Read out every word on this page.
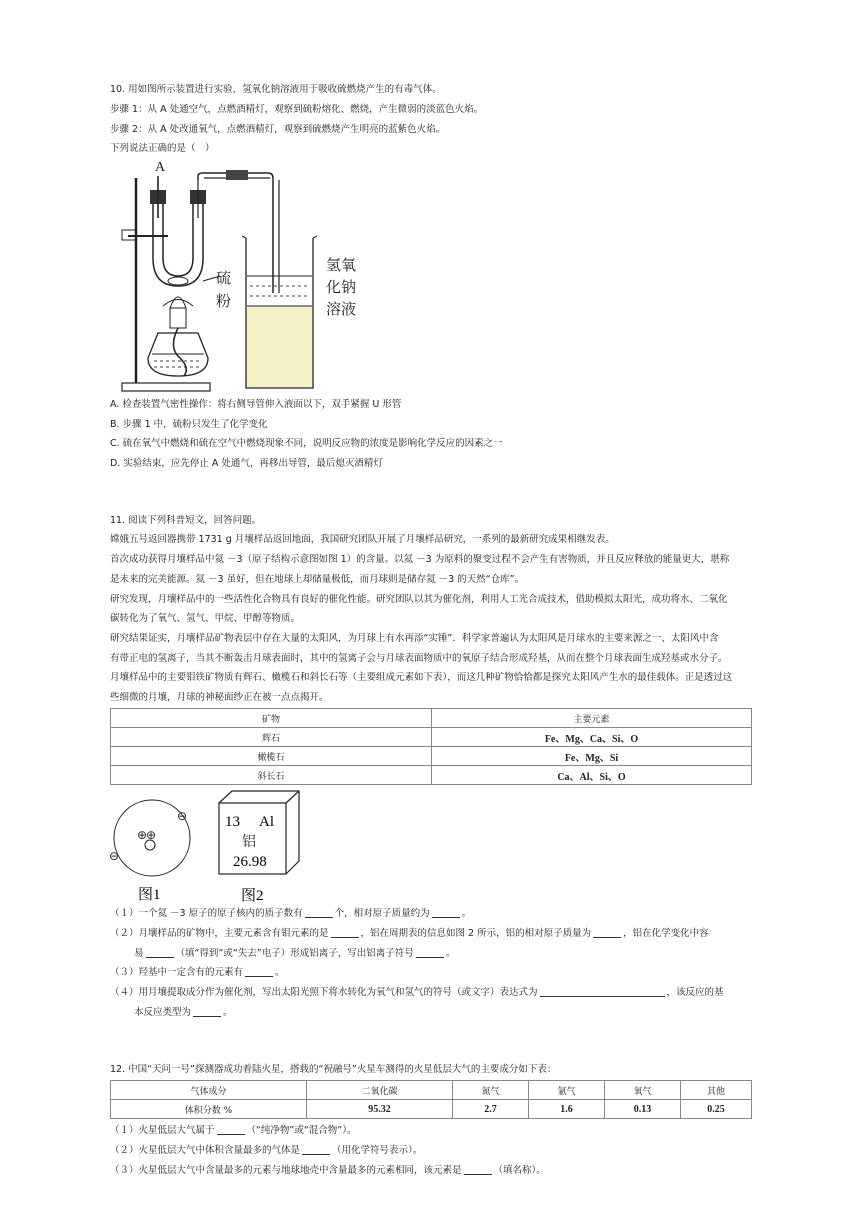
10. 用如图所示装置进行实验，氢氧化钠溶液用于吸收硫燃烧产生的有毒气体。
步骤 1：从 A 处通空气，点燃酒精灯，观察到硫粉熔化、燃烧，产生微弱的淡蓝色火焰。
步骤 2：从 A 处改通氧气，点燃酒精灯，观察到硫燃烧产生明亮的蓝紫色火焰。
下列说法正确的是（　）
A
硫
粉
氢氧
化钠
溶液
A. 检查装置气密性操作：将右侧导管伸入液面以下，双手紧握 U 形管
B. 步骤 1 中，硫粉只发生了化学变化
C. 硫在氧气中燃烧和硫在空气中燃烧现象不同，说明反应物的浓度是影响化学反应的因素之一
D. 实验结束，应先停止 A 处通气，再移出导管，最后熄灭酒精灯
11. 阅读下列科普短文，回答问题。
嫦娥五号返回器携带 1731 g 月壤样品返回地面，我国研究团队开展了月壤样品研究，一系列的最新研究成果相继发表。
首次成功获得月壤样品中氦 －3（原子结构示意图如图 1）的含量。以氦 －3 为原料的聚变过程不会产生有害物质，并且反应释放的能量更大，堪称
是未来的完美能源。氦 －3 虽好，但在地球上却储量极低，而月球则是储存氦 －3 的天然“仓库”。
研究发现，月壤样品中的一些活性化合物具有良好的催化性能。研究团队以其为催化剂，利用人工光合成技术，借助模拟太阳光，成功将水、二氧化
碳转化为了氧气、氢气、甲烷、甲醇等物质。
研究结果证实，月壤样品矿物表层中存在大量的太阳风，为月球上有水再添“实锤”．科学家普遍认为太阳风是月球水的主要来源之一、太阳风中含
有带正电的氢离子，当其不断轰击月球表面时，其中的氢离子会与月球表面物质中的氧原子结合形成羟基，从而在整个月球表面生成羟基或水分子。
月壤样品中的主要钼铁矿物质有辉石、橄榄石和斜长石等（主要组成元素如下表），而这几种矿物恰恰都是探究太阳风产生水的最佳载体。正是透过这
些细微的月壤，月球的神秘面纱正在被一点点揭开。
矿物	主要元素
辉石	Fe、Mg、Ca、Si、O
橄榄石	Fe、Mg、Si
斜长石	Ca、Al、Si、O
⊕
⊕
⊖
⊖
图1
13 Al
铝
26.98
图2
（１）一个氦 －3 原子的原子核内的质子数有	个，相对原子质量约为	。
（２）月壤样品的矿物中，主要元素含有钼元素的是	，铝在周期表的信息如图 2 所示，铝的相对原子质量为	，铝在化学变化中容
易	（填“得到”或“失去”电子）形成铝离子，写出铝离子符号	。
（３）羟基中一定含有的元素有	。
（４）用月壤提取成分作为催化剂，写出太阳光照下将水转化为氧气和氢气的符号（或文字）表达式为	，该反应的基
本反应类型为	。
12. 中国“天问一号”探测器成功着陆火星，搭载的“祝融号”火星车测得的火星低层大气的主要成分如下表：
气体成分	二氧化碳	氮气	氩气	氧气	其他
体积分数 %	95.32	2.7	1.6	0.13	0.25
（１）火星低层大气属于	（“纯净物”或“混合物”）。
（２）火星低层大气中体积含量最多的气体是	（用化学符号表示）。
（３）火星低层大气中含量最多的元素与地球地壳中含量最多的元素相同，该元素是	（填名称）。
